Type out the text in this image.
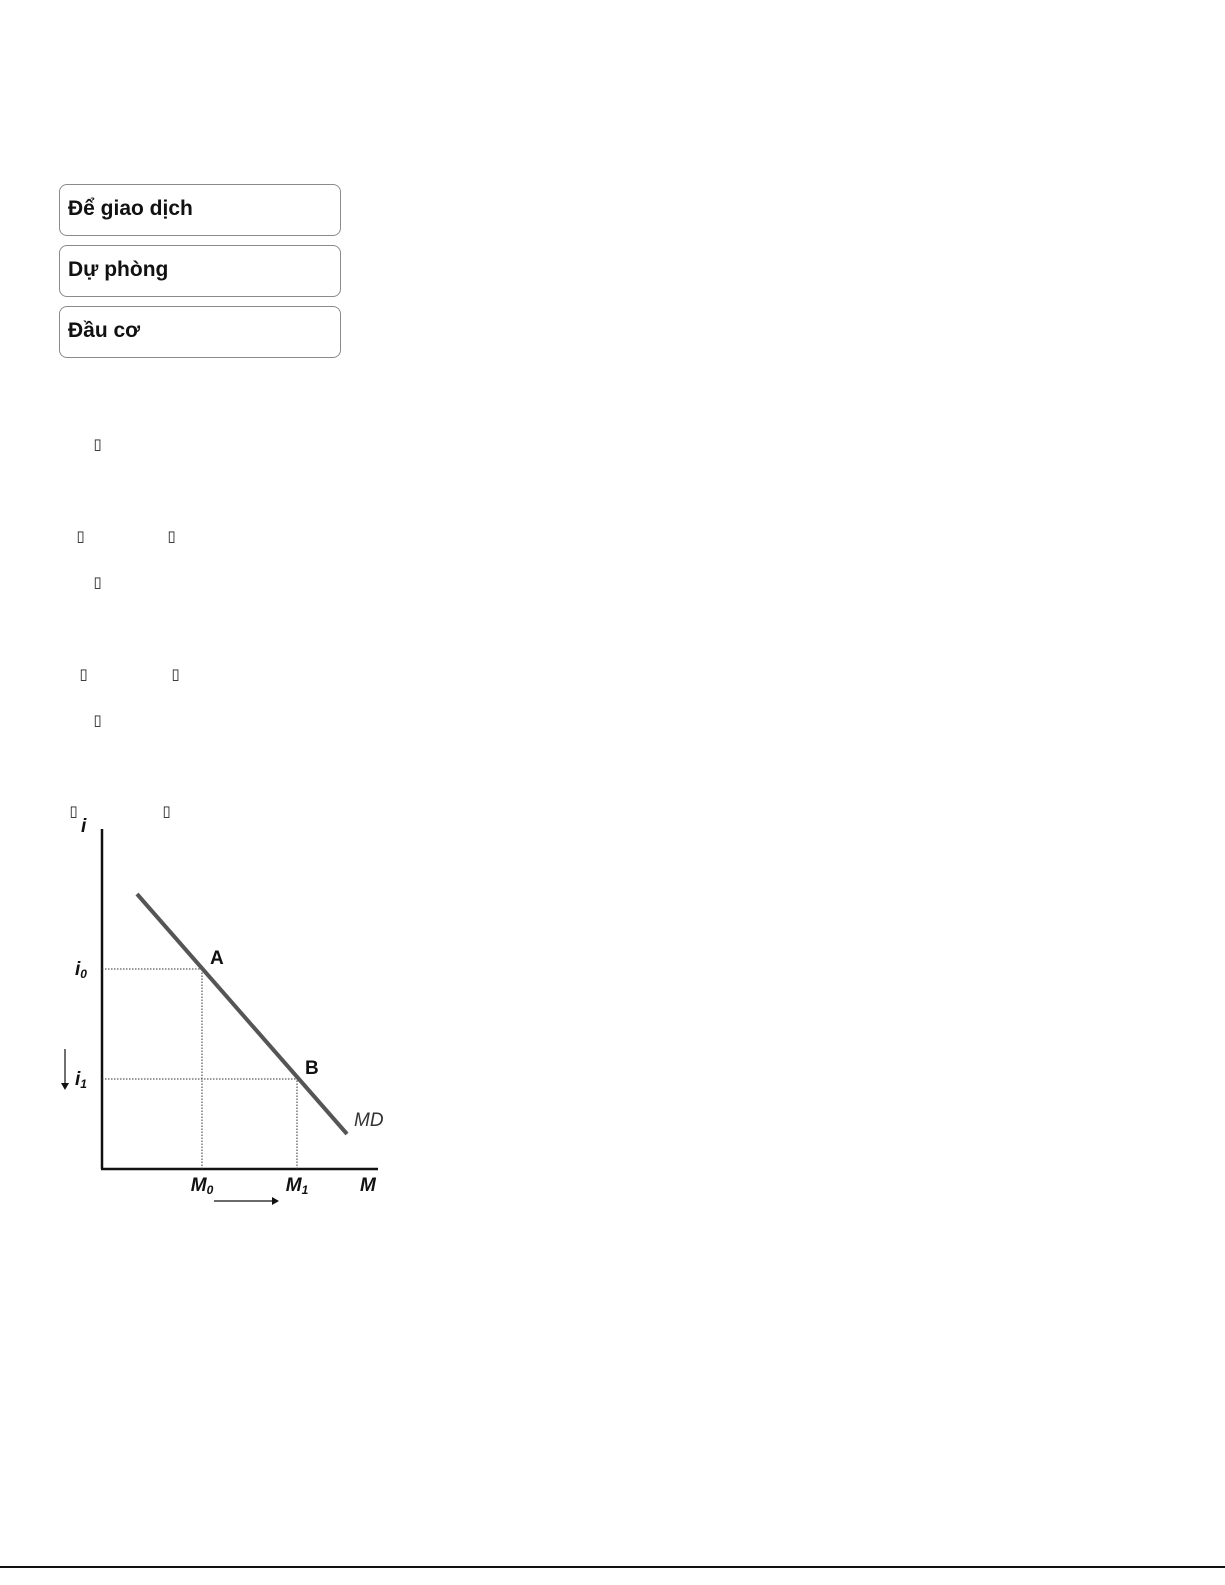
Để giao dịch
Dự phòng
Đầu cơ
▯
▯	▯
▯
▯	▯
▯
▯	▯
MD
A
B
M0	M1
i0
i1
i
M
